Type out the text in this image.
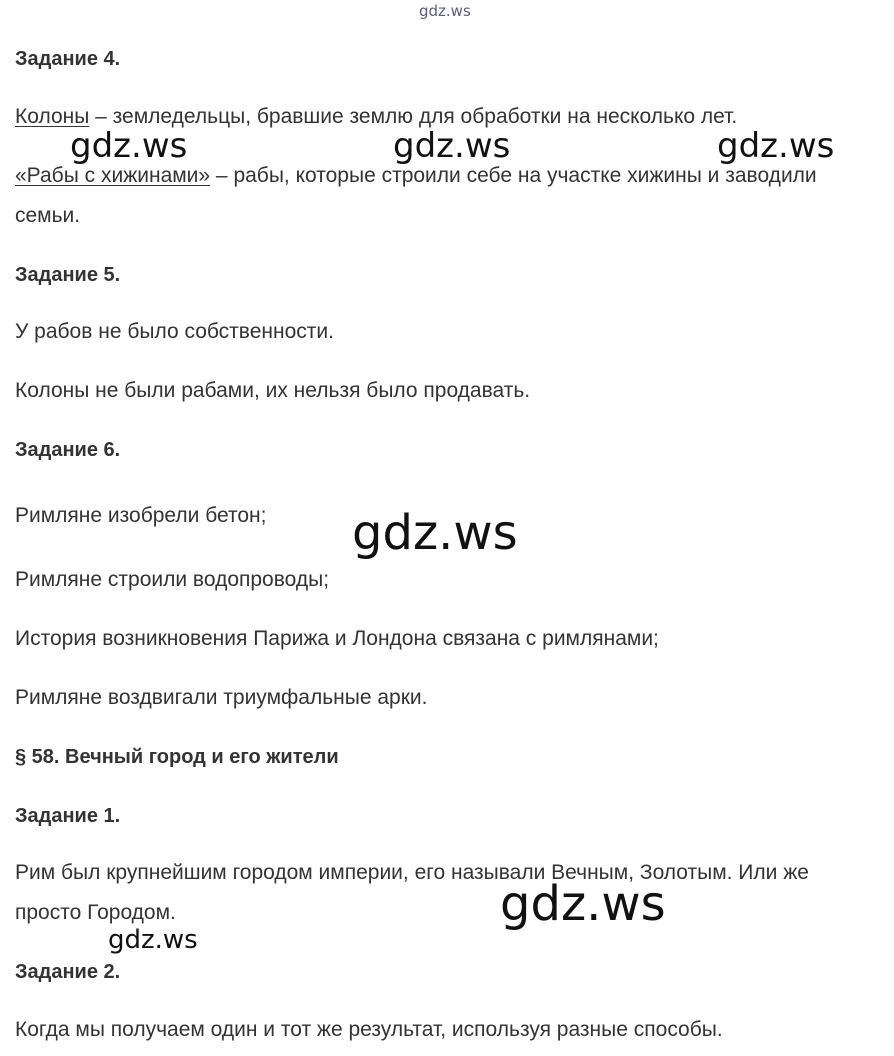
gdz.ws
Задание 4.
Колоны – земледельцы, бравшие землю для обработки на несколько лет.
gdz.ws	gdz.ws	gdz.ws
«Рабы с хижинами» – рабы, которые строили себе на участке хижины и заводили
семьи.
Задание 5.
У рабов не было собственности.
Колоны не были рабами, их нельзя было продавать.
Задание 6.
Римляне изобрели бетон; gdz.ws
Римляне строили водопроводы;
История возникновения Парижа и Лондона связана с римлянами;
Римляне воздвигали триумфальные арки.
§ 58. Вечный город и его жители
Задание 1.
Рим был крупнейшим городом империи, его называли Вечным, Золотым. Или же
просто Городом.	gdz.ws
gdz.ws
Задание 2.
Когда мы получаем один и тот же результат, используя разные способы.
